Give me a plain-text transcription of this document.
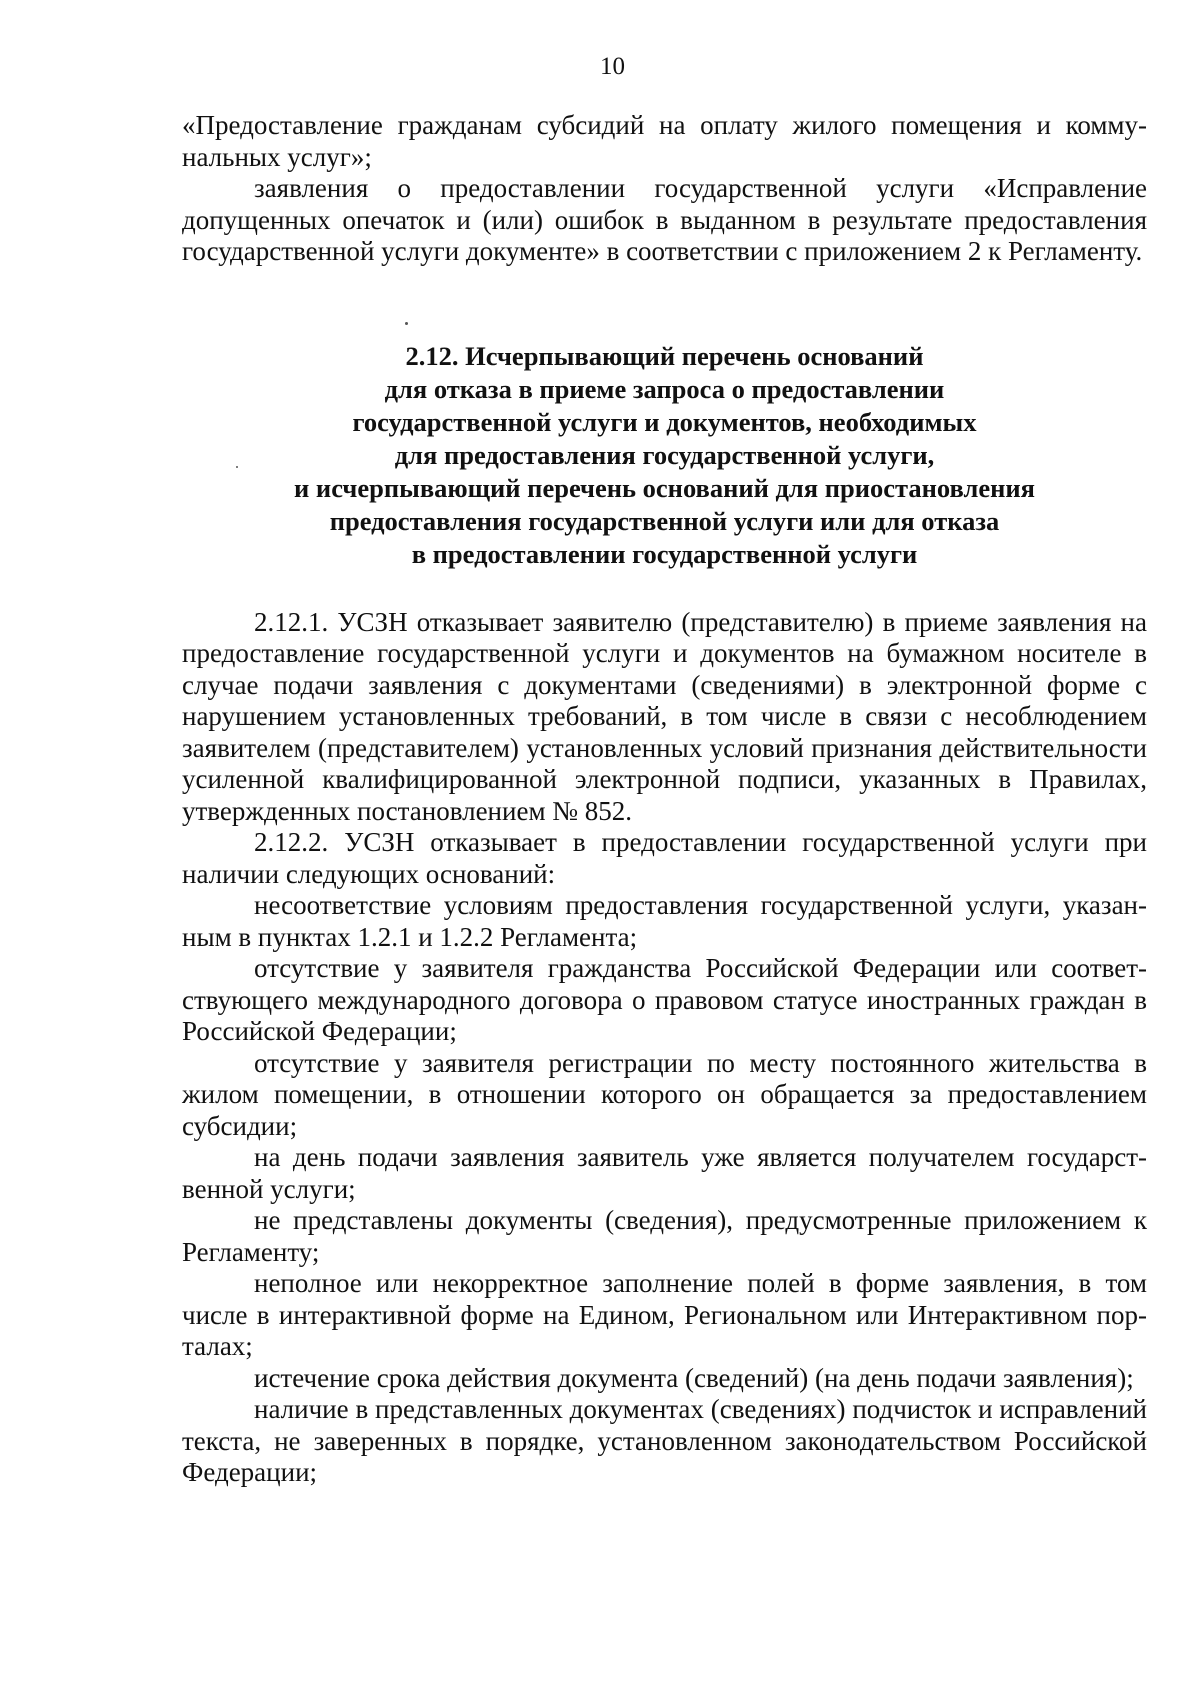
10

«Предоставление гражданам субсидий на оплату жилого помещения и коммунальных услуг»;

заявления о предоставлении государственной услуги «Исправление допущенных опечаток и (или) ошибок в выданном в результате предоставления государственной услуги документе» в соответствии с приложением 2 к Регламенту.

2.12. Исчерпывающий перечень оснований
для отказа в приеме запроса о предоставлении
государственной услуги и документов, необходимых
для предоставления государственной услуги,
и исчерпывающий перечень оснований для приостановления
предоставления государственной услуги или для отказа
в предоставлении государственной услуги

2.12.1. УСЗН отказывает заявителю (представителю) в приеме заявления на предоставление государственной услуги и документов на бумажном носителе в случае подачи заявления с документами (сведениями) в электронной форме с нарушением установленных требований, в том числе в связи с несоблюдением заявителем (представителем) установленных условий признания действительности усиленной квалифицированной электронной подписи, указанных в Правилах, утвержденных постановлением № 852.

2.12.2. УСЗН отказывает в предоставлении государственной услуги при наличии следующих оснований:

несоответствие условиям предоставления государственной услуги, указанным в пунктах 1.2.1 и 1.2.2 Регламента;

отсутствие у заявителя гражданства Российской Федерации или соответствующего международного договора о правовом статусе иностранных граждан в Российской Федерации;

отсутствие у заявителя регистрации по месту постоянного жительства в жилом помещении, в отношении которого он обращается за предоставлением субсидии;

на день подачи заявления заявитель уже является получателем государственной услуги;

не представлены документы (сведения), предусмотренные приложением к Регламенту;

неполное или некорректное заполнение полей в форме заявления, в том числе в интерактивной форме на Едином, Региональном или Интерактивном порталах;

истечение срока действия документа (сведений) (на день подачи заявления);

наличие в представленных документах (сведениях) подчисток и исправлений текста, не заверенных в порядке, установленном законодательством Российской Федерации;
